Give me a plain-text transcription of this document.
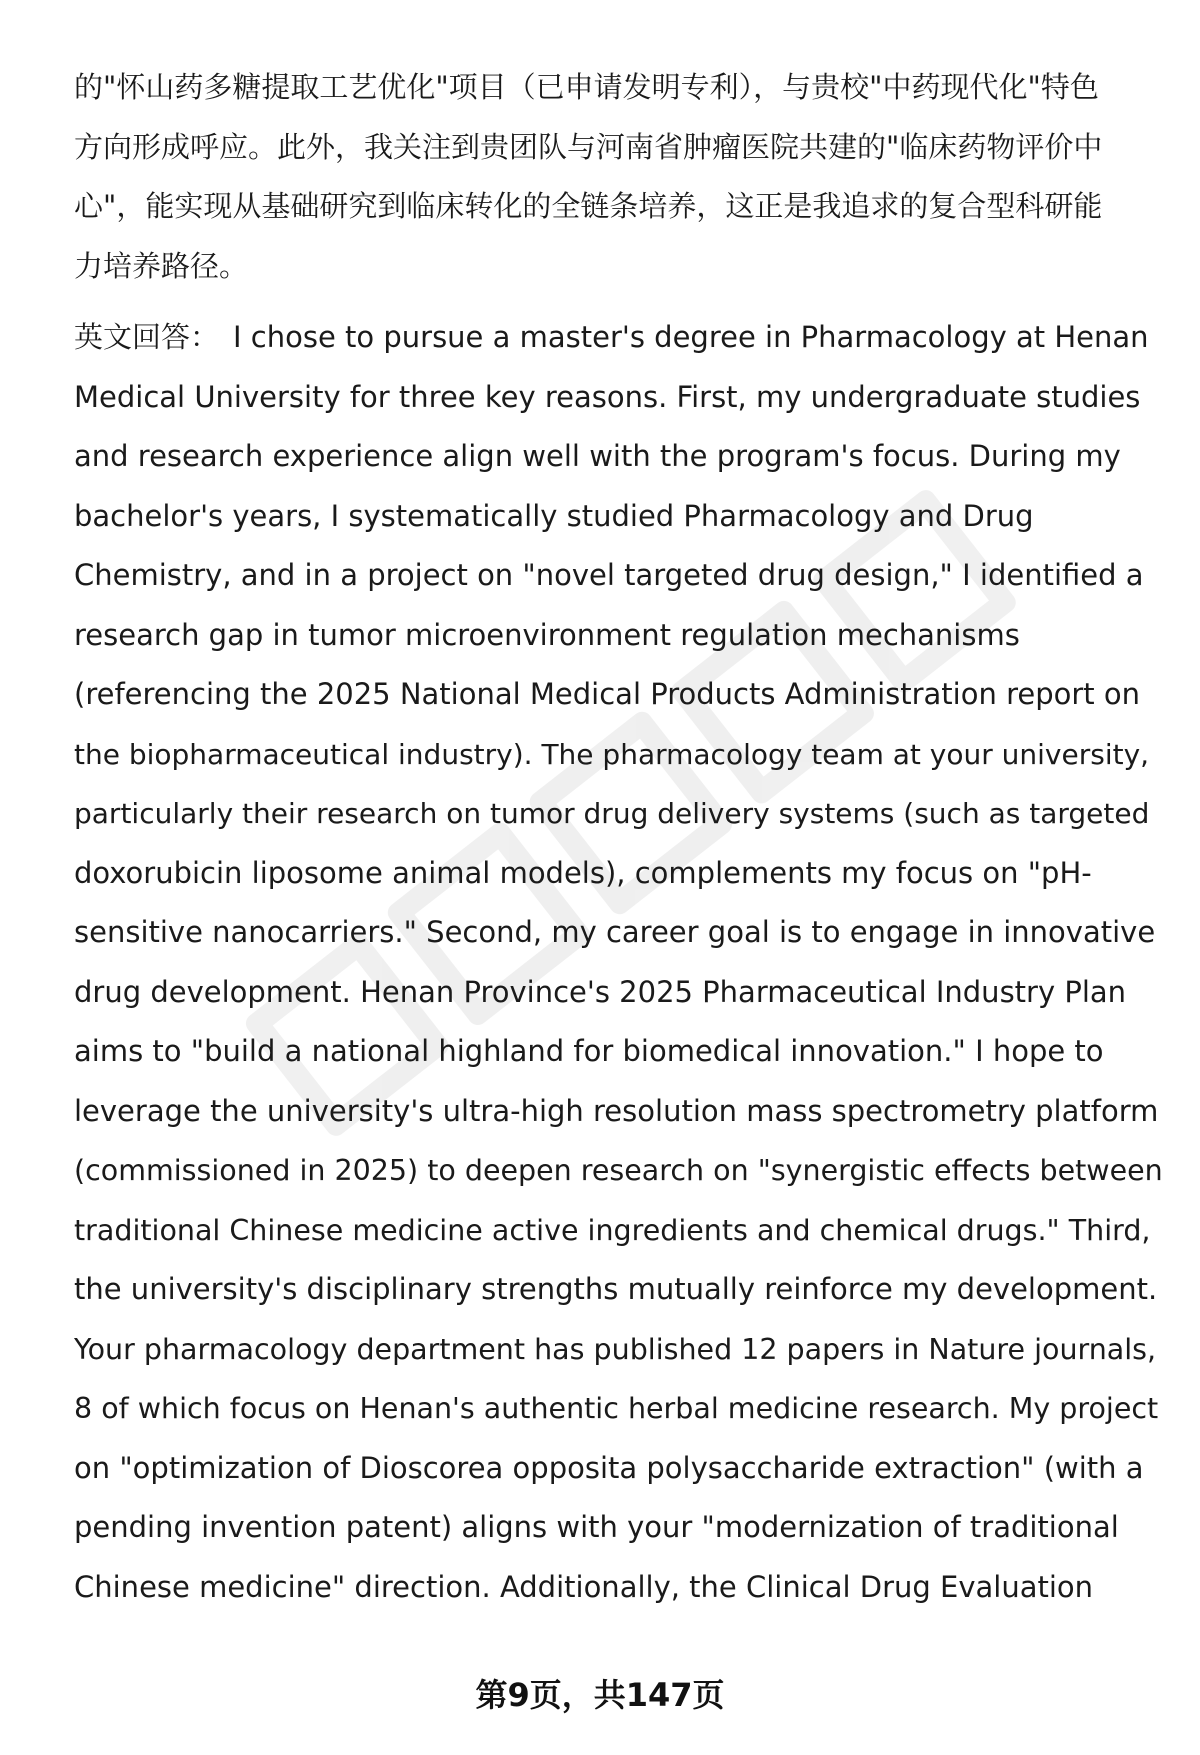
的"怀山药多糖提取工艺优化"项目（已申请发明专利），与贵校"中药现代化"特色
方向形成呼应。此外，我关注到贵团队与河南省肿瘤医院共建的"临床药物评价中
心"，能实现从基础研究到临床转化的全链条培养，这正是我追求的复合型科研能
力培养路径。

英文回答： I chose to pursue a master's degree in Pharmacology at Henan
Medical University for three key reasons. First, my undergraduate studies
and research experience align well with the program's focus. During my
bachelor's years, I systematically studied Pharmacology and Drug
Chemistry, and in a project on "novel targeted drug design," I identified a
research gap in tumor microenvironment regulation mechanisms
(referencing the 2025 National Medical Products Administration report on
the biopharmaceutical industry). The pharmacology team at your university,
particularly their research on tumor drug delivery systems (such as targeted
doxorubicin liposome animal models), complements my focus on "pH-
sensitive nanocarriers." Second, my career goal is to engage in innovative
drug development. Henan Province's 2025 Pharmaceutical Industry Plan
aims to "build a national highland for biomedical innovation." I hope to
leverage the university's ultra-high resolution mass spectrometry platform
(commissioned in 2025) to deepen research on "synergistic effects between
traditional Chinese medicine active ingredients and chemical drugs." Third,
the university's disciplinary strengths mutually reinforce my development.
Your pharmacology department has published 12 papers in Nature journals,
8 of which focus on Henan's authentic herbal medicine research. My project
on "optimization of Dioscorea opposita polysaccharide extraction" (with a
pending invention patent) aligns with your "modernization of traditional
Chinese medicine" direction. Additionally, the Clinical Drug Evaluation

第9页，共147页
